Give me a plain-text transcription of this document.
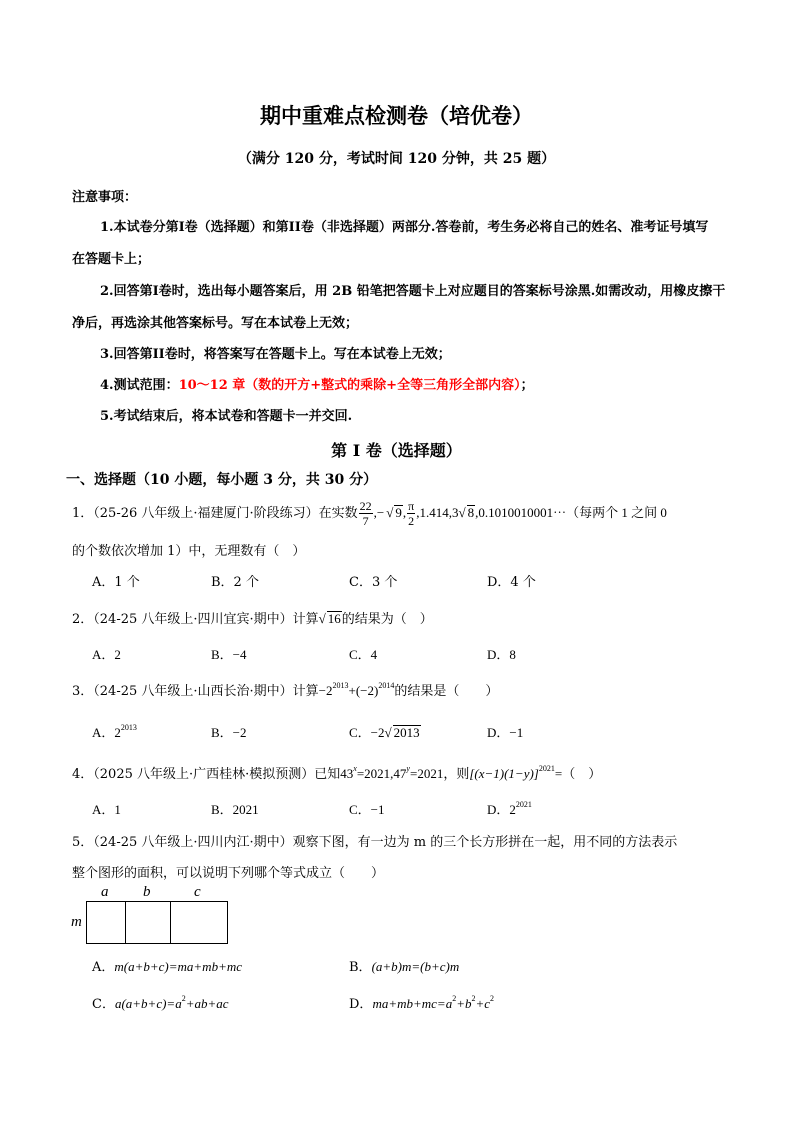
期中重难点检测卷（培优卷）
（满分 120 分，考试时间 120 分钟，共 25 题）
注意事项：
1.本试卷分第I卷（选择题）和第II卷（非选择题）两部分.答卷前，考生务必将自己的姓名、准考证号填写
在答题卡上；
2.回答第I卷时，选出每小题答案后，用 2B 铅笔把答题卡上对应题目的答案标号涂黑.如需改动，用橡皮擦干
净后，再选涂其他答案标号。写在本试卷上无效；
3.回答第II卷时，将答案写在答题卡上。写在本试卷上无效；
4.测试范围：10～12 章（数的开方+整式的乘除+全等三角形全部内容）；
5.考试结束后，将本试卷和答题卡一并交回.
第 I 卷（选择题）
一、选择题（10 小题，每小题 3 分，共 30 分）
1．（25-26 八年级上·福建厦门·阶段练习）在实数 $\frac{22}{7}$ ,− √ 9, $\frac{\pi}{2} ,1.414,3√$ 8,0.1010010001⋯（每两个 1 之间 0
的个数依次增加 1）中，无理数有（　）
A．1 个	B．2 个	C．3 个	D．4 个
2．（24-25 八年级上·四川宜宾·期中）计算√ 16的结果为（　）
A．2	B．−4	C．4	D．8
3．（24-25 八年级上·山西长治·期中）计算$-2^{2013}+(-2)^{2014}$的结果是（　　）
A．$2^{2013}$	B．−2	C．−2√ 2013	D．−1
4．（2025 八年级上·广西桂林·模拟预测）已知$43^x=2021,47^y=2021$，则$[(x-1)(1-y)]^{2021}=$（　）
A．1	B．2021	C．−1	D．$2^{2021}$
5．（24-25 八年级上·四川内江·期中）观察下图，有一边为 m 的三个长方形拼在一起，用不同的方法表示
整个图形的面积，可以说明下列哪个等式成立（　　）
a b	c
m
A．m(a+b+c)=ma+mb+mc	B．(a+b)m=(b+c)m
C．$a(a+b+c)=a^2+ab+ac$	D．$ma+mb+mc=a^2+b^2+c^2$
